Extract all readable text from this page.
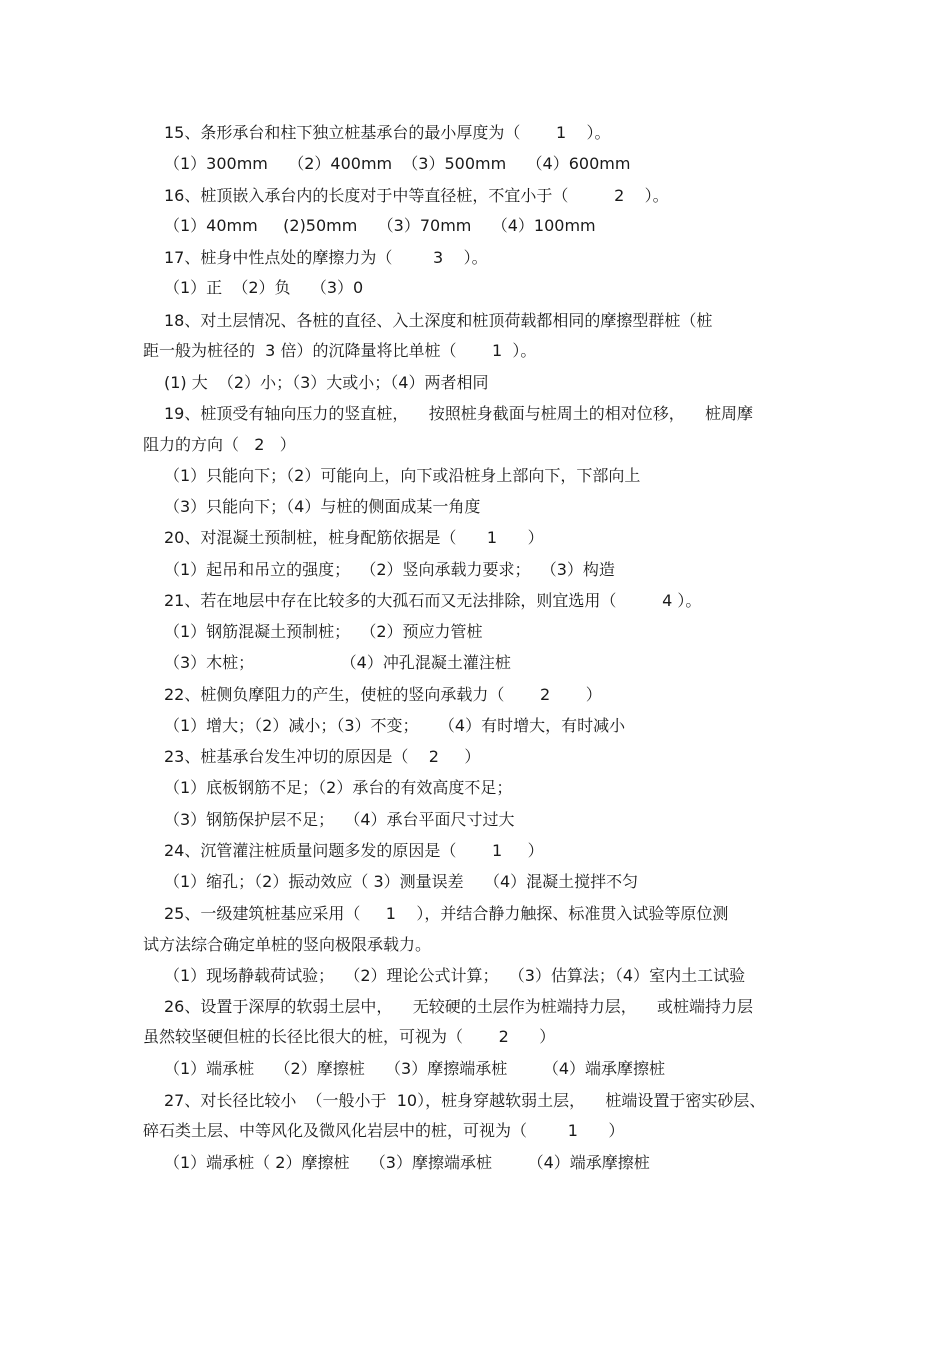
15、条形承台和柱下独立桩基承台的最小厚度为（       1    ）。

（1）300mm    （2）400mm  （3）500mm    （4）600mm

16、桩顶嵌入承台内的长度对于中等直径桩，不宜小于（         2    ）。

（1）40mm     (2)50mm    （3）70mm    （4）100mm

17、桩身中性点处的摩擦力为（        3    ）。

（1）正  （2）负    （3）0

18、对土层情况、各桩的直径、入土深度和桩顶荷载都相同的摩擦型群桩（桩

距一般为桩径的  3 倍）的沉降量将比单桩（       1  ）。

(1) 大  （2）小；（3）大或小；（4）两者相同

19、桩顶受有轴向压力的竖直桩，    按照桩身截面与桩周土的相对位移，    桩周摩

阻力的方向（   2   ）

（1）只能向下；（2）可能向上，向下或沿桩身上部向下，下部向上

（3）只能向下；（4）与桩的侧面成某一角度

20、对混凝土预制桩，桩身配筋依据是（      1      ）

（1）起吊和吊立的强度；  （2）竖向承载力要求；  （3）构造

21、若在地层中存在比较多的大孤石而又无法排除，则宜选用（         4 ）。

（1）钢筋混凝土预制桩；  （2）预应力管桩

（3）木桩；                 （4）冲孔混凝土灌注桩

22、桩侧负摩阻力的产生，使桩的竖向承载力（       2       ）

（1）增大；（2）减小；（3）不变；    （4）有时增大，有时减小

23、桩基承台发生冲切的原因是（    2     ）

（1）底板钢筋不足；（2）承台的有效高度不足；

（3）钢筋保护层不足；  （4）承台平面尺寸过大

24、沉管灌注桩质量问题多发的原因是（       1     ）

（1）缩孔；（2）振动效应（ 3）测量误差    （4）混凝土搅拌不匀

25、一级建筑桩基应采用（     1    ），并结合静力触探、标准贯入试验等原位测

试方法综合确定单桩的竖向极限承载力。

（1）现场静载荷试验；  （2）理论公式计算；  （3）估算法；（4）室内土工试验

26、设置于深厚的软弱土层中，    无较硬的土层作为桩端持力层，    或桩端持力层

虽然较坚硬但桩的长径比很大的桩，可视为（       2      ）

（1）端承桩    （2）摩擦桩    （3）摩擦端承桩       （4）端承摩擦桩

27、对长径比较小  （一般小于  10），桩身穿越软弱土层，    桩端设置于密实砂层、

碎石类土层、中等风化及微风化岩层中的桩，可视为（        1      ）

（1）端承桩（ 2）摩擦桩    （3）摩擦端承桩       （4）端承摩擦桩
